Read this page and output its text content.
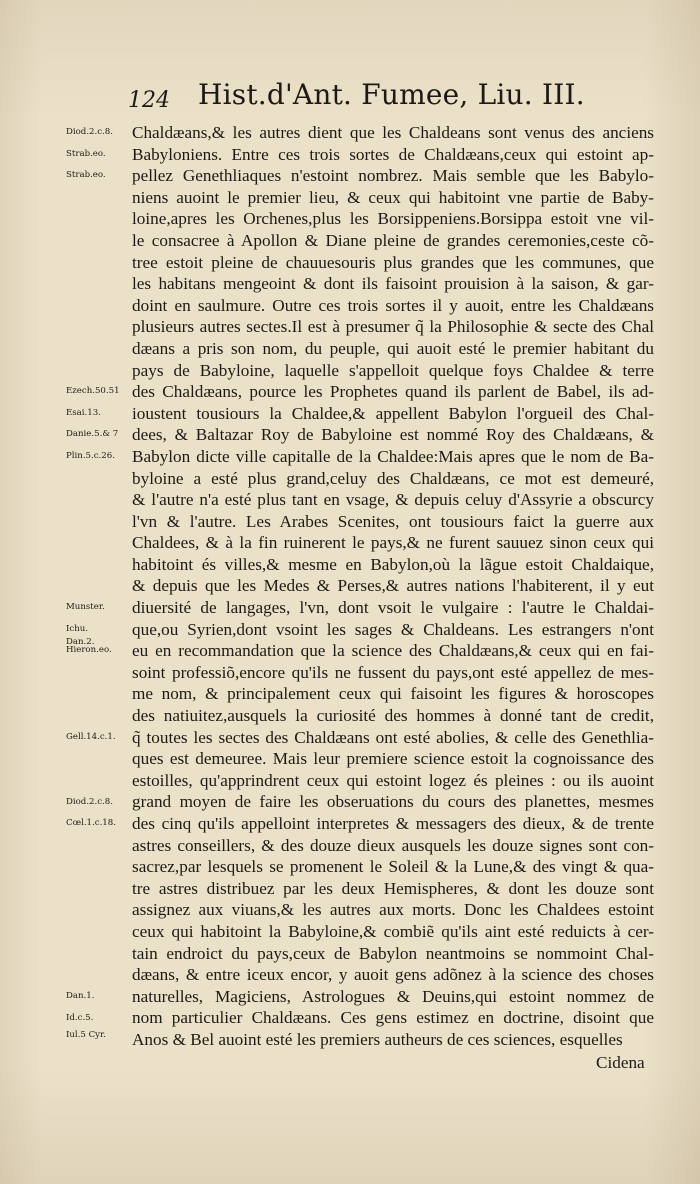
124 Hist.d'Ant. Fumee, Liu. III.
Diod.2.c.8.
Strab.eo.
Strab.eo.
Ezech.50.51
Esai.13.
Danie.5.& 7
Plin.5.c.26.
Munster.
Ichu.
Dan.2.
Hieron.eo.
Gell.14.c.1.
Diod.2.c.8.
Cœl.1.c.18.
Dan.1.
Id.c.5.
Iul.5 Cyr.
Chaldæans,& les autres dient que les Chaldeans sont venus des anciens
Babyloniens. Entre ces trois sortes de Chaldæans,ceux qui estoint ap-
pellez Genethliaques n'estoint nombrez. Mais semble que les Babylo-
niens auoint le premier lieu, & ceux qui habitoint vne partie de Baby-
loine,apres les Orchenes,plus les Borsippeniens.Borsippa estoit vne vil-
le consacree à Apollon & Diane pleine de grandes ceremonies,ceste cõ-
tree estoit pleine de chauuesouris plus grandes que les communes, que
les habitans mengeoint & dont ils faisoint prouision à la saison, & gar-
doint en saulmure. Outre ces trois sortes il y auoit, entre les Chaldæans
plusieurs autres sectes.Il est à presumer q̃ la Philosophie & secte des Chal
dæans a pris son nom, du peuple, qui auoit esté le premier habitant du
pays de Babyloine, laquelle s'appelloit quelque foys Chaldee & terre
des Chaldæans, pource les Prophetes quand ils parlent de Babel, ils ad-
ioustent tousiours la Chaldee,& appellent Babylon l'orgueil des Chal-
dees, & Baltazar Roy de Babyloine est nommé Roy des Chaldæans, &
Babylon dicte ville capitalle de la Chaldee:Mais apres que le nom de Ba-
byloine a esté plus grand,celuy des Chaldæans, ce mot est demeuré,
& l'autre n'a esté plus tant en vsage, & depuis celuy d'Assyrie a obscurcy
l'vn & l'autre. Les Arabes Scenites, ont tousiours faict la guerre aux
Chaldees, & à la fin ruinerent le pays,& ne furent sauuez sinon ceux qui
habitoint és villes,& mesme en Babylon,où la lãgue estoit Chaldaique,
& depuis que les Medes & Perses,& autres nations l'habiterent, il y eut
diuersité de langages, l'vn, dont vsoit le vulgaire : l'autre le Chaldai-
que,ou Syrien,dont vsoint les sages & Chaldeans. Les estrangers n'ont
eu en recommandation que la science des Chaldæans,& ceux qui en fai-
soint professiõ,encore qu'ils ne fussent du pays,ont esté appellez de mes-
me nom, & principalement ceux qui faisoint les figures & horoscopes
des natiuitez,ausquels la curiosité des hommes à donné tant de credit,
q̃ toutes les sectes des Chaldæans ont esté abolies, & celle des Genethlia-
ques est demeuree. Mais leur premiere science estoit la cognoissance des
estoilles, qu'apprindrent ceux qui estoint logez és pleines : ou ils auoint
grand moyen de faire les obseruations du cours des planettes, mesmes
des cinq qu'ils appelloint interpretes & messagers des dieux, & de trente
astres conseillers, & des douze dieux ausquels les douze signes sont con-
sacrez,par lesquels se promenent le Soleil & la Lune,& des vingt & qua-
tre astres distribuez par les deux Hemispheres, & dont les douze sont
assignez aux viuans,& les autres aux morts. Donc les Chaldees estoint
ceux qui habitoint la Babyloine,& combiẽ qu'ils aint esté reduicts à cer-
tain endroict du pays,ceux de Babylon neantmoins se nommoint Chal-
dæans, & entre iceux encor, y auoit gens adõnez à la science des choses
naturelles, Magiciens, Astrologues & Deuins,qui estoint nommez de
nom particulier Chaldæans. Ces gens estimez en doctrine, disoint que
Anos & Bel auoint esté les premiers autheurs de ces sciences, esquelles
Cidena
